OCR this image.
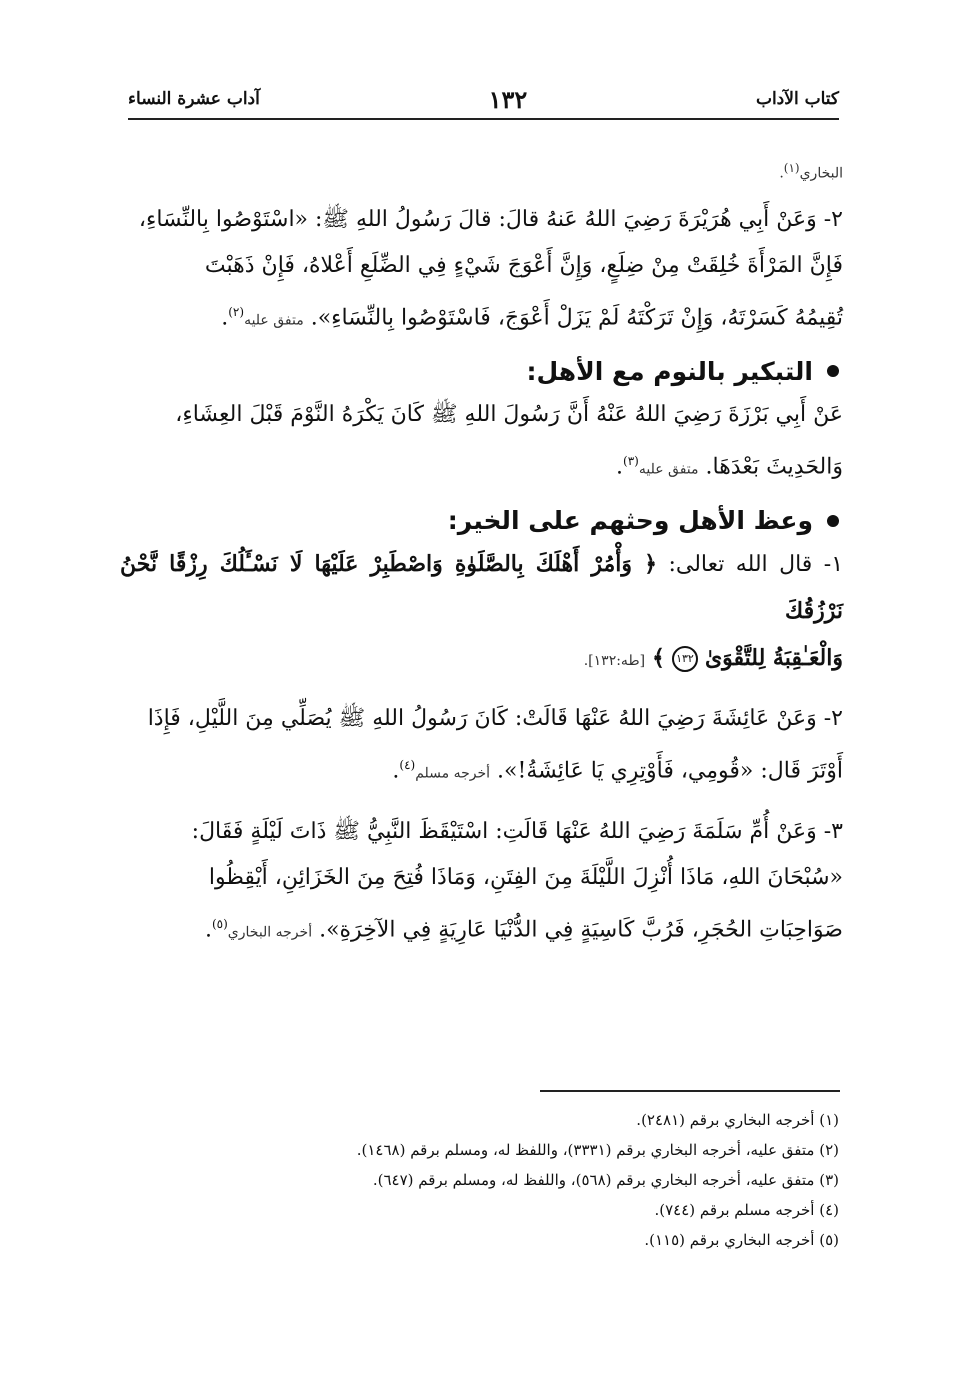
كتاب الآداب
١٣٢
آداب عشرة النساء
البخاري(١).
٢- وَعَنْ أَبِي هُرَيْرَةَ رَضِيَ اللهُ عَنهُ قالَ: قالَ رَسُولُ اللهِ ﷺ: «اسْتَوْصُوا بِالنِّسَاءِ،
فَإِنَّ المَرْأَةَ خُلِقَتْ مِنْ ضِلَعٍ، وَإِنَّ أَعْوَجَ شَيْءٍ فِي الضِّلَعِ أَعْلاهُ، فَإِنْ ذَهَبْتَ
تُقِيمُهُ كَسَرْتَهُ، وَإِنْ تَرَكْتَهُ لَمْ يَزَلْ أَعْوَجَ، فَاسْتَوْصُوا بِالنِّسَاءِ». متفق عليه$^{(٢)}$.
التبكير بالنوم مع الأهل:
عَنْ أَبِي بَرْزَةَ رَضِيَ اللهُ عَنْهُ أَنَّ رَسُولَ اللهِ ﷺ كَانَ يَكْرَهُ النَّوْمَ قَبْلَ العِشَاءِ،
وَالحَدِيثَ بَعْدَهَا. متفق عليه$^{(٣)}$.
وعظ الأهل وحثهم على الخير:
١- قال الله تعالى: ﴿ وَأْمُرْ أَهْلَكَ بِالصَّلَوٰةِ وَاصْطَبِرْ عَلَيْهَا لَا نَسْـَٔلُكَ رِزْقًا نَّحْنُ نَرْزُقُكَ
وَالْعَـٰقِبَةُ لِلتَّقْوَىٰ ١٣٢ ﴾ [طه:١٣٢].
٢- وَعَنْ عَائِشَةَ رَضِيَ اللهُ عَنْهَا قَالَتْ: كَانَ رَسُولُ اللهِ ﷺ يُصَلِّي مِنَ اللَّيْلِ، فَإِذَا
أَوْتَرَ قَال: «قُومِي، فَأَوْتِرِي يَا عَائِشَةُ!». أخرجه مسلم$^{(٤)}$.
٣- وَعَنْ أُمِّ سَلَمَةَ رَضِيَ اللهُ عَنْهَا قَالَتِ: اسْتَيْقَظَ النَّبِيُّ ﷺ ذَاتَ لَيْلَةٍ فَقَالَ:
«سُبْحَانَ اللهِ، مَاذَا أُنْزِلَ اللَّيْلَةَ مِنَ الفِتَنِ، وَمَاذَا فُتِحَ مِنَ الخَزَائِنِ، أَيْقِظُوا
صَوَاحِبَاتِ الحُجَرِ، فَرُبَّ كَاسِيَةٍ فِي الدُّنْيَا عَارِيَةٍ فِي الآخِرَةِ». أخرجه البخاري$^{(٥)}$.
(١) أخرجه البخاري برقم (٢٤٨١).
(٢) متفق عليه، أخرجه البخاري برقم (٣٣٣١)، واللفظ له، ومسلم برقم (١٤٦٨).
(٣) متفق عليه، أخرجه البخاري برقم (٥٦٨)، واللفظ له، ومسلم برقم (٦٤٧).
(٤) أخرجه مسلم برقم (٧٤٤).
(٥) أخرجه البخاري برقم (١١٥).
